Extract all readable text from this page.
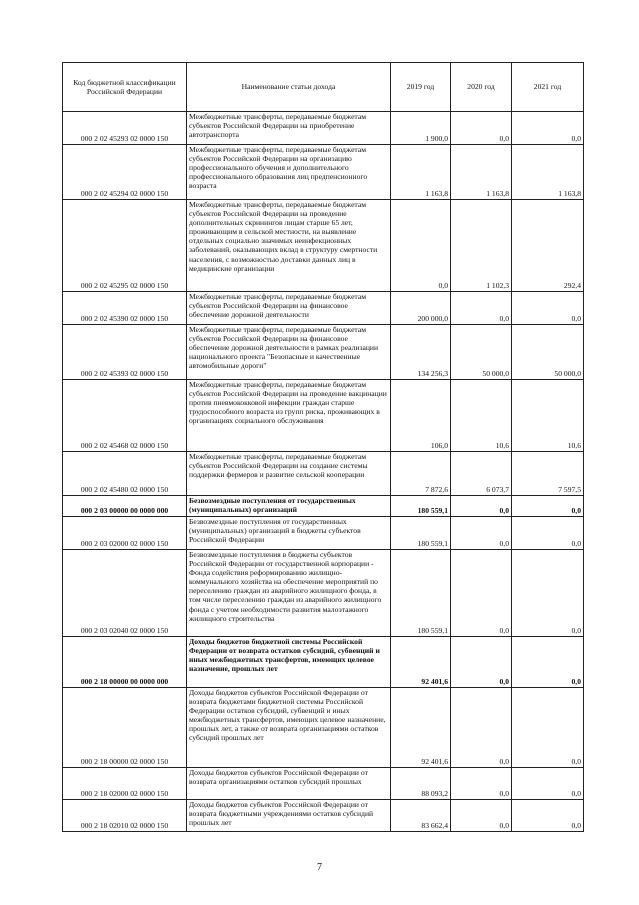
Код бюджетной классификации Российской Федерации	Наименование статьи дохода	2019 год	2020 год	2021 год
000 2 02 45293 02 0000 150	Межбюджетные трансферты, передаваемые бюджетам субъектов Российской Федерации на приобретение автотранспорта	1 900,0	0,0	0,0
000 2 02 45294 02 0000 150	Межбюджетные трансферты, передаваемые бюджетам субъектов Российской Федерации на организацию профессионального обучения и дополнительного профессионального образования лиц предпенсионного возраста	1 163,8	1 163,8	1 163,8
000 2 02 45295 02 0000 150	Межбюджетные трансферты, передаваемые бюджетам субъектов Российской Федерации на проведение дополнительных скринингов лицам старше 65 лет, проживающим в сельской местности, на выявление отдельных социально значимых неинфекционных заболеваний, оказывающих вклад в структуру смертности населения, с возможностью доставки данных лиц в медицинские организации	0,0	1 102,3	292,4
000 2 02 45390 02 0000 150	Межбюджетные трансферты, передаваемые бюджетам субъектов Российской Федерации на финансовое обеспечение дорожной деятельности	200 000,0	0,0	0,0
000 2 02 45393 02 0000 150	Межбюджетные трансферты, передаваемые бюджетам субъектов Российской Федерации на финансовое обеспечение дорожной деятельности в рамках реализации национального проекта "Безопасные и качественные автомобильные дороги"	134 256,3	50 000,0	50 000,0
000 2 02 45468 02 0000 150	Межбюджетные трансферты, передаваемые бюджетам субъектов Российской Федерации на проведение вакцинации против пневмококковой инфекции граждан старше трудоспособного возраста из групп риска, проживающих в организациях социального обслуживания	106,0	10,6	10,6
000 2 02 45480 02 0000 150	Межбюджетные трансферты, передаваемые бюджетам субъектов Российской Федерации на создание системы поддержки фермеров и развитие сельской кооперации	7 872,6	6 073,7	7 597,5
000 2 03 00000 00 0000 000	Безвозмездные поступления от государственных (муниципальных) организаций	180 559,1	0,0	0,0
000 2 03 02000 02 0000 150	Безвозмездные поступления от государственных (муниципальных) организаций в бюджеты субъектов Российской Федерации	180 559,1	0,0	0,0
000 2 03 02040 02 0000 150	Безвозмездные поступления в бюджеты субъектов Российской Федерации от государственной корпорации - Фонда содействия реформированию жилищно-коммунального хозяйства на обеспечение мероприятий по переселению граждан из аварийного жилищного фонда, в том числе переселению граждан из аварийного жилищного фонда с учетом необходимости развития малоэтажного жилищного строительства	180 559,1	0,0	0,0
000 2 18 00000 00 0000 000	Доходы бюджетов бюджетной системы Российской Федерации от возврата остатков субсидий, субвенций и иных межбюджетных трансфертов, имеющих целевое назначение, прошлых лет	92 401,6	0,0	0,0
000 2 18 00000 02 0000 150	Доходы бюджетов субъектов Российской Федерации от возврата бюджетами бюджетной системы Российской Федерации остатков субсидий, субвенций и иных межбюджетных трансфертов, имеющих целевое назначение, прошлых лет, а также от возврата организациями остатков субсидий прошлых лет	92 401,6	0,0	0,0
000 2 18 02000 02 0000 150	Доходы бюджетов субъектов Российской Федерации от возврата организациями остатков субсидий прошлых	88 093,2	0,0	0,0
000 2 18 02010 02 0000 150	Доходы бюджетов субъектов Российской Федерации от возврата бюджетными учреждениями остатков субсидий прошлых лет	83 662,4	0,0	0,0
7
